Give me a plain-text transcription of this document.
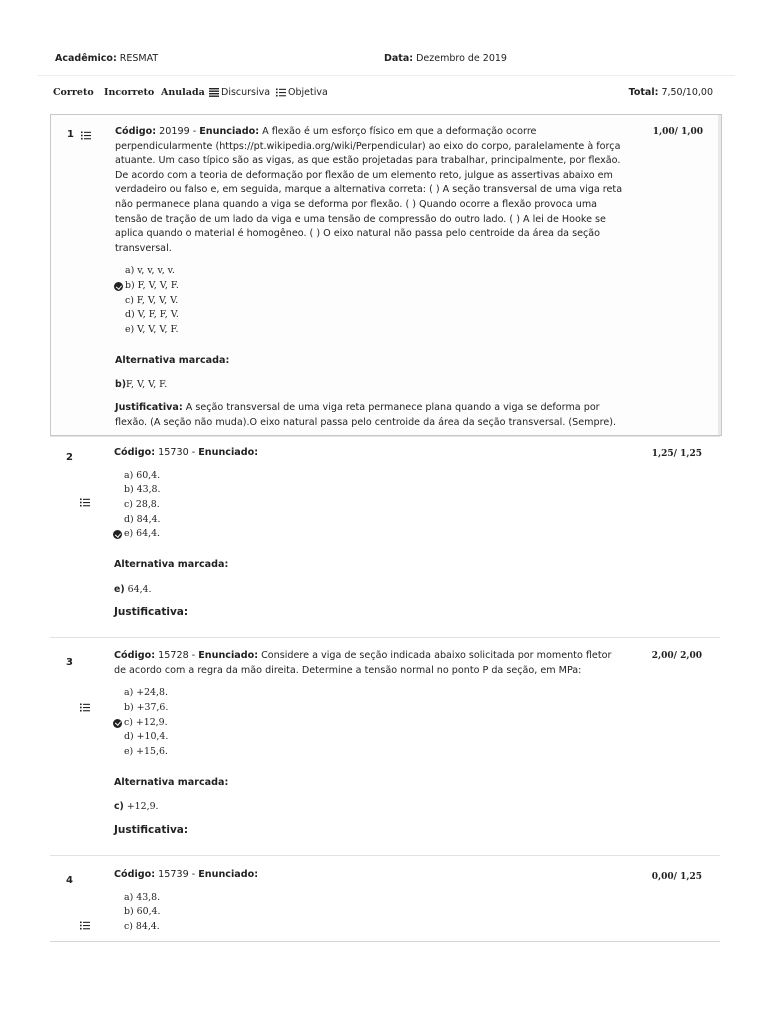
Acadêmico: RESMAT	Data: Dezembro de 2019
Correto Incorreto Anulada Discursiva Objetiva	Total: 7,50/10,00
1	Código: 20199 - Enunciado: A flexão é um esforço físico em que a deformação ocorre perpendicularmente (https://pt.wikipedia.org/wiki/Perpendicular) ao eixo do corpo, paralelamente à força atuante. Um caso típico são as vigas, as que estão projetadas para trabalhar, principalmente, por flexão. De acordo com a teoria de deformação por flexão de um elemento reto, julgue as assertivas abaixo em verdadeiro ou falso e, em seguida, marque a alternativa correta: ( ) A seção transversal de uma viga reta não permanece plana quando a viga se deforma por flexão. ( ) Quando ocorre a flexão provoca uma tensão de tração de um lado da viga e uma tensão de compressão do outro lado. ( ) A lei de Hooke se aplica quando o material é homogêneo. ( ) O eixo natural não passa pelo centroide da área da seção transversal.
a) v, v, v, v.
b) F, V, V, F.
c) F, V, V, V.
d) V, F, F, V.
e) V, V, V, F.
Alternativa marcada:
b)F, V, V, F.
Justificativa: A seção transversal de uma viga reta permanece plana quando a viga se deforma por flexão. (A seção não muda).O eixo natural passa pelo centroide da área da seção transversal. (Sempre).
1,00/ 1,00
2	Código: 15730 - Enunciado:
a) 60,4.
b) 43,8.
c) 28,8.
d) 84,4.
e) 64,4.
Alternativa marcada:
e) 64,4.
Justificativa:
1,25/ 1,25
3
Código: 15728 - Enunciado: Considere a viga de seção indicada abaixo solicitada por momento fletor de acordo com a regra da mão direita. Determine a tensão normal no ponto P da seção, em MPa:
a) +24,8.
b) +37,6.
c) +12,9.
d) +10,4.
e) +15,6.
Alternativa marcada:
c) +12,9.
Justificativa:
2,00/ 2,00
4
Código: 15739 - Enunciado:
a) 43,8.
b) 60,4.
c) 84,4.
0,00/ 1,25
